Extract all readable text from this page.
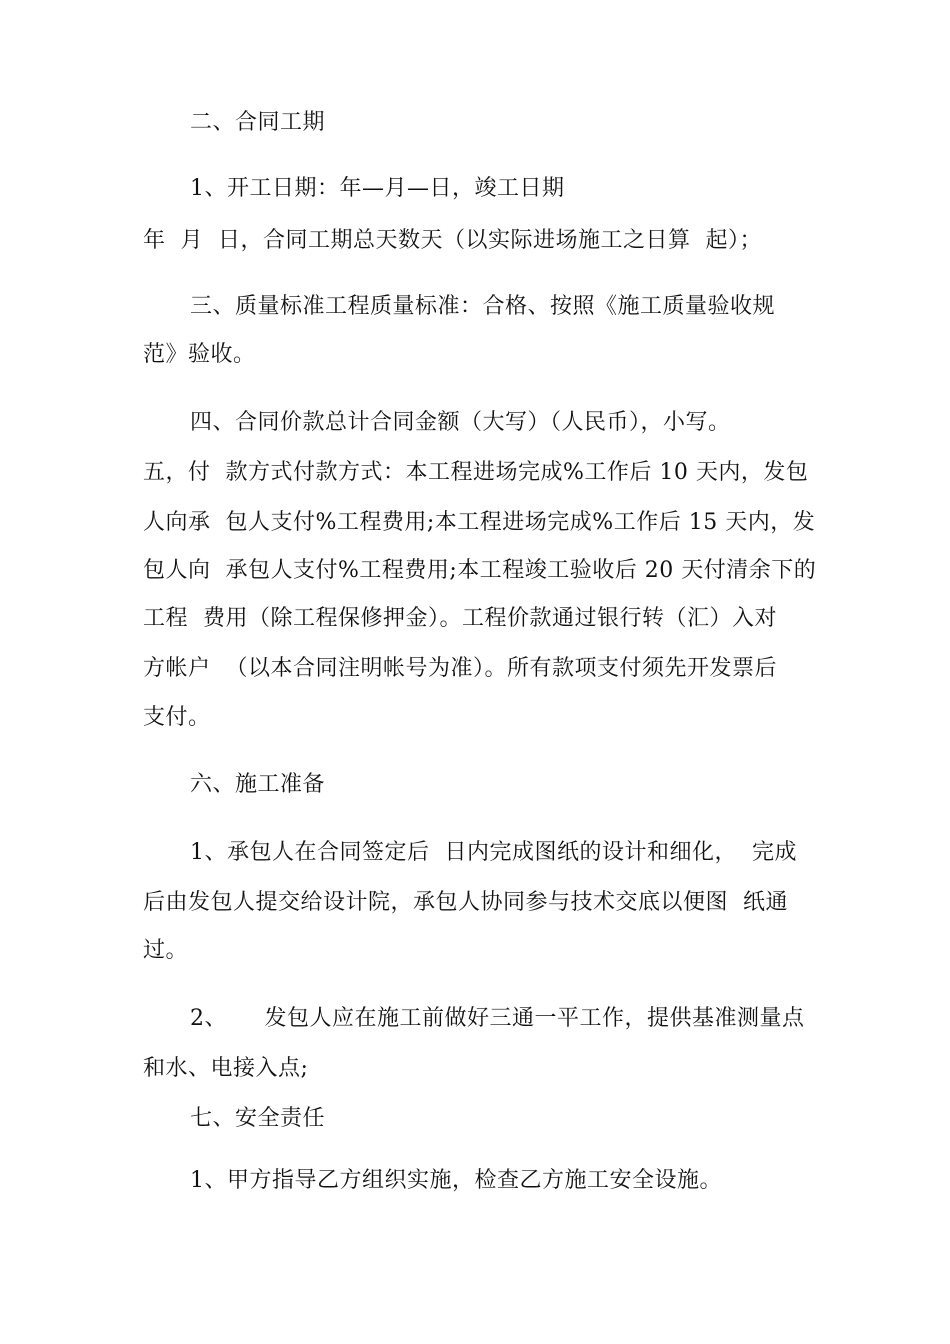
二、合同工期
1、开工日期：年—月—日，竣工日期
年  月  日，合同工期总天数天（以实际进场施工之日算  起）；
三、质量标准工程质量标准：合格、按照《施工质量验收规
范》验收。
四、合同价款总计合同金额（大写）（人民币），小写。
五，付  款方式付款方式：本工程进场完成%工作后 10 天内，发包
人向承  包人支付%工程费用;本工程进场完成%工作后 15 天内，发
包人向  承包人支付%工程费用;本工程竣工验收后 20 天付清余下的
工程  费用（除工程保修押金）。工程价款通过银行转（汇）入对
方帐户  （以本合同注明帐号为准）。所有款项支付须先开发票后
支付。
六、施工准备
1、承包人在合同签定后  日内完成图纸的设计和细化，  完成
后由发包人提交给设计院，承包人协同参与技术交底以便图  纸通
过。
2、     发包人应在施工前做好三通一平工作，提供基准测量点
和水、电接入点;
七、安全责任
1、甲方指导乙方组织实施，检查乙方施工安全设施。
